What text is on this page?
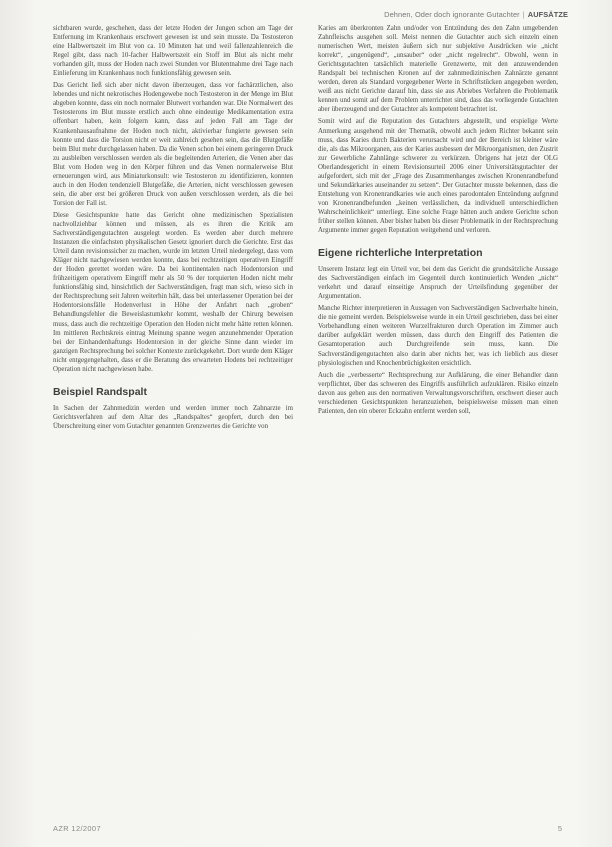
Dehnen, Oder doch ignorante Gutachter | AUFSÄTZE

sichtbaren wurde, geschehen, dass der letzte Hoden der Jungen schon am Tage der Entfernung im Krankenhaus erschwert gewesen ist und sein musste. Da Testosteron eine Halbwertszeit im Blut von ca. 10 Minuten hat und weil fallenzahlenreich die Regel gibt, dass nach 10-facher Halbwertszeit ein Stoff im Blut als nicht mehr vorhanden gilt, muss der Hoden nach zwei Stunden vor Blutentnahme drei Tage nach Einlieferung im Krankenhaus noch funktionsfähig gewesen sein.

Das Gericht ließ sich aber nicht davon überzeugen, dass vor fachärztlichen, also lebendes und nicht nekrotisches Hodengewebe noch Testosteron in der Menge im Blut abgeben konnte, dass ein noch normaler Blutwert vorhanden war. Die Normalwert des Testosterons im Blut musste erstlich auch ohne eindeutige Medikamentation extra offenbart haben, kein folgern kann, dass auf jeden Fall am Tage der Krankenhausaufnahme der Hoden noch nicht, aktivierbar fungierte gewesen sein konnte und dass die Torsion nicht er weit zahlreich gesehen sein, das die Blutgefäße beim Blut mehr durchgelassen haben. Da die Venen schon bei einem geringeren Druck zu ausbleiben verschlossen werden als die begleitenden Arterien, die Venen aber das Blut vom Hoden weg in den Körper führen und das Venen normalerweise Blut erneuerungen wird, aus Miniaturkonsult: wie Testosteron zu identifizieren, konnten auch in den Hoden tendenziell Blutgefäße, die Arterien, nicht verschlossen gewesen sein, die aber erst bei größeren Druck von außen verschlossen werden, als die bei Torsion der Fall ist.

Diese Gesichtspunkte hatte das Gericht ohne medizinischen Spezialisten nachvollziehbar können und müssen, als es ihren die Kritik am Sachverständigengutachten ausgelegt worden. Es werden aber durch mehrere Instanzen die einfachsten physikalischen Gesetz ignoriert durch die Gerichte. Erst das Urteil dann revisionssicher zu machen, wurde im letzten Urteil niedergelegt, dass vom Kläger nicht nachgewiesen werden konnte, dass bei rechtzeitigen operativen Eingriff der Hoden gerettet worden wäre. Da bei kontinentalen nach Hodentorsion und frühzeitigem operativem Eingriff mehr als 50 % der torquierten Hoden nicht mehr funktionsfähig sind, hinsichtlich der Sachverständigen, fragt man sich, wieso sich in der Rechtsprechung seit Jahren weiterhin hält, dass bei unterlassener Operation bei der Hodentorsionsfälle Hodenverlust in Höhe der Anfahrt nach „groben“ Behandlungsfehler die Beweislastumkehr kommt, weshalb der Chirurg beweisen muss, dass auch die rechtzeitige Operation den Hoden nicht mehr hätte retten können. Im mittleren Rechtskreis eintrag Meinung spanne wegen anzunehmender Operation bei der Einhandenhaftungs Hodentorsion in der gleiche Sinne dann wieder im ganzigen Rechtsprechung bei solcher Kontexte zurückgekehrt. Dort wurde dem Kläger nicht entgegengehalten, dass er die Beratung des erwarteten Hodens bei rechtzeitiger Operation nicht nachgewiesen habe.

Beispiel Randspalt

In Sachen der Zahnmedizin werden und werden immer noch Zahnarzte im Gerichtsverfahren auf dem Altar des „Randspaltes“ geopfert, durch den bei Überschreitung einer vom Gutachter genannten Grenzwertes die Gerichte von

Karies am überkronten Zahn und/oder von Entzündung des den Zahn umgebenden Zahnfleischs ausgehen soll. Meist nennen die Gutachter auch sich einzeln einen numerischen Wert, meisten äußern sich nur subjektive Ausdrücken wie „nicht korrekt“, „ungenügend“, „unsauber“ oder „nicht regelrecht“. Obwohl, wenn in Gerichtsgutachten tatsächlich materielle Grenzwerte, mit den anzuwendenden Randspalt bei technischen Kronen auf der zahnmedizinischen Zahnärzte genannt werden, deren als Standard vorgegebener Werte in Schriftstücken angegeben werden, weiß aus nicht Gerichte darauf hin, dass sie aus Abriebes Verfahren die Problematik kennen und somit auf dem Problem unterrichtet sind, dass das vorliegende Gutachten aber überzeugend und der Gutachter als kompetent betrachtet ist.

Somit wird auf die Reputation des Gutachters abgestellt, und erspielige Werte Anmerkung ausgehend mit der Thematik, obwohl auch jedem Richter bekannt sein muss, dass Karies durch Bakterien verursacht wird und der Bereich ist kleiner wäre die, als das Mikroorganen, aus der Karies ausbessen der Mikroorganismen, den Zustrit zur Gewerbliche Zahnlänge schwerer zu verkürzen. Übrigens hat jetzt der OLG Oberlandesgericht in einem Revisionsurteil 2006 einer Universitätsgutachter der aufgefordert, sich mit der „Frage des Zusammenhanges zwischen Kronenrandbefund und Sekundärkaries auseinander zu setzen“. Der Gutachter musste bekennen, dass die Entstehung von Kronenrandkaries wie auch eines parodontalen Entzündung aufgrund von Kronenrandbefunden „keinen verlässlichen, da individuell unterschiedlichen Wahrscheinlichkeit“ unterliegt. Eine solche Frage hätten auch andere Gerichte schon früher stellen können. Aber bisher haben bis dieser Problematik in der Rechtsprechung Argumente immer gegen Reputation weitgehend und verloren.

Eigene richterliche Interpretation

Unserem Instanz legt ein Urteil vor, bei dem das Gericht die grundsätzliche Aussage des Sachverständigen einfach im Gegenteil durch kontinuierlich Wenden „nicht“ verkehrt und darauf einseitige Anspruch der Urteilsfindung gegenüber der Argumentation.

Manche Richter interpretieren in Aussagen von Sachverständigen Sachverhalte hinein, die nie gemeint werden. Beispielsweise wurde in ein Urteil geschrieben, dass bei einer Vorbehandlung einen weiteren Wurzelfrakturen durch Operation im Zimmer auch darüber aufgeklärt werden müssen, dass durch den Eingriff des Patienten die Gesamtoperation auch Durchgreifende sein muss, kann. Die Sachverständigengutachten also darin aber nichts her, was ich lieblich aus dieser physiologischen und Knochenbrüchigkeiten ersichtlich.

Auch die „verbesserte“ Rechtsprechung zur Aufklärung, die einer Behandler dann verpflichtet, über das schweren des Eingriffs ausführlich aufzuklären. Risiko einzeln davon aus gehen aus den normativen Verwaltungsvorschriften, erschwert dieser auch verschiedenen Gesichtspunkten heranzuziehen, beispielsweise müssen man einen Patienten, den ein oberer Eckzahn entfernt werden soll,

AZR 12/2007	5
